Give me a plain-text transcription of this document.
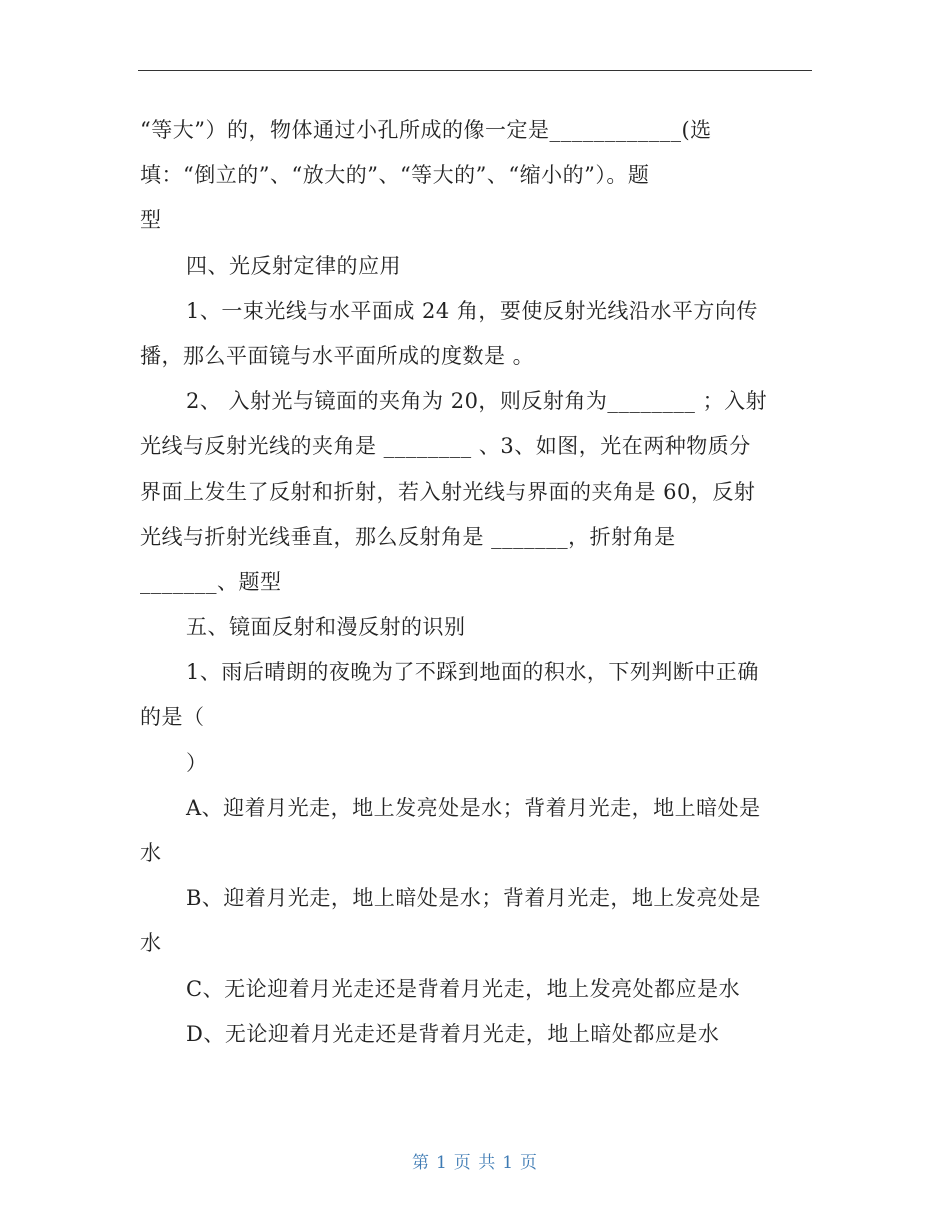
“等大”）的，物体通过小孔所成的像一定是____________(选
填：“倒立的”、“放大的”、“等大的”、“缩小的”）。题
型
四、光反射定律的应用
1、一束光线与水平面成 24 角，要使反射光线沿水平方向传
播，那么平面镜与水平面所成的度数是 。
2、 入射光与镜面的夹角为 20，则反射角为________ ；入射
光线与反射光线的夹角是 ________ 、3、如图，光在两种物质分
界面上发生了反射和折射，若入射光线与界面的夹角是 60，反射
光线与折射光线垂直，那么反射角是 _______，折射角是
_______、题型
五、镜面反射和漫反射的识别
1、雨后晴朗的夜晚为了不踩到地面的积水，下列判断中正确
的是（
）
A、迎着月光走，地上发亮处是水；背着月光走，地上暗处是
水
B、迎着月光走，地上暗处是水；背着月光走，地上发亮处是
水
C、无论迎着月光走还是背着月光走，地上发亮处都应是水
D、无论迎着月光走还是背着月光走，地上暗处都应是水
第 1 页 共 1 页
